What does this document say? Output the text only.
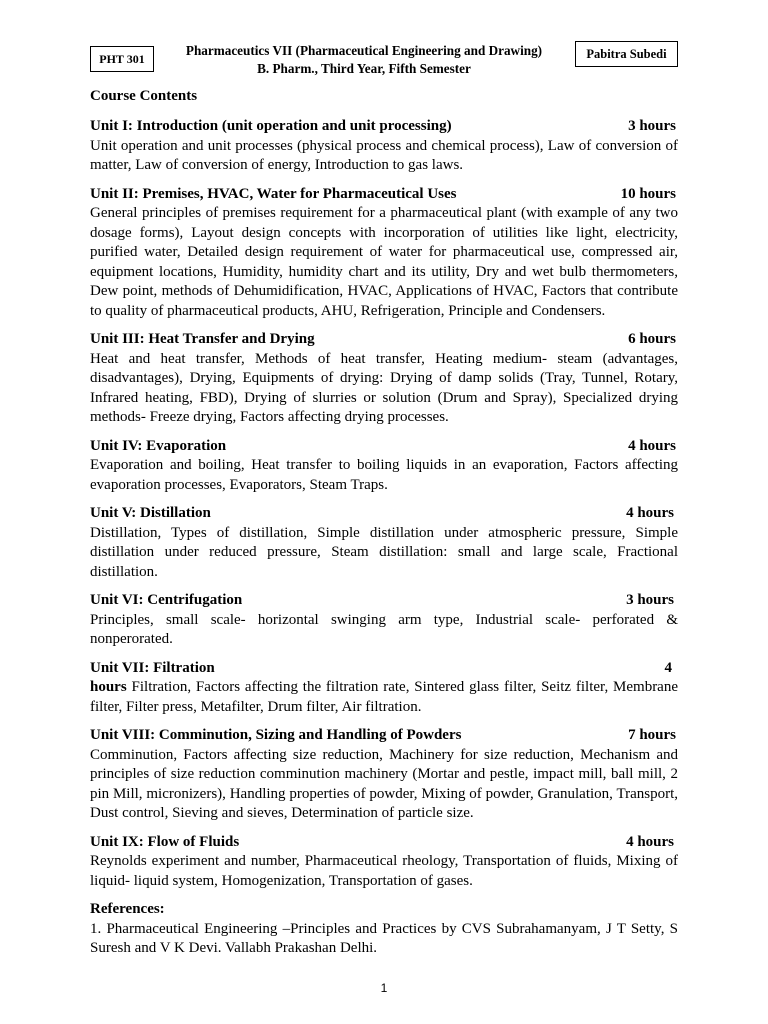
PHT 301
Pharmaceutics VII (Pharmaceutical Engineering and Drawing)
B. Pharm., Third Year, Fifth Semester
Pabitra Subedi
Course Contents
Unit I: Introduction (unit operation and unit processing)	3 hours
Unit operation and unit processes (physical process and chemical process), Law of conversion of matter, Law of conversion of energy, Introduction to gas laws.
Unit II: Premises, HVAC, Water for Pharmaceutical Uses	10 hours
General principles of premises requirement for a pharmaceutical plant (with example of any two dosage forms), Layout design concepts with incorporation of utilities like light, electricity, purified water, Detailed design requirement of water for pharmaceutical use, compressed air, equipment locations, Humidity, humidity chart and its utility, Dry and wet bulb thermometers, Dew point, methods of Dehumidification, HVAC, Applications of HVAC, Factors that contribute to quality of pharmaceutical products, AHU, Refrigeration, Principle and Condensers.
Unit III: Heat Transfer and Drying	6 hours
Heat and heat transfer, Methods of heat transfer, Heating medium- steam (advantages, disadvantages), Drying, Equipments of drying: Drying of damp solids (Tray, Tunnel, Rotary, Infrared heating, FBD), Drying of slurries or solution (Drum and Spray), Specialized drying methods- Freeze drying, Factors affecting drying processes.
Unit IV: Evaporation	4 hours
Evaporation and boiling, Heat transfer to boiling liquids in an evaporation, Factors affecting evaporation processes, Evaporators, Steam Traps.
Unit V: Distillation	4 hours
Distillation, Types of distillation, Simple distillation under atmospheric pressure, Simple distillation under reduced pressure, Steam distillation: small and large scale, Fractional distillation.
Unit VI: Centrifugation	3 hours
Principles, small scale- horizontal swinging arm type, Industrial scale- perforated & nonperorated.
Unit VII: Filtration	4
hours Filtration, Factors affecting the filtration rate, Sintered glass filter, Seitz filter, Membrane filter, Filter press, Metafilter, Drum filter, Air filtration.
Unit VIII: Comminution, Sizing and Handling of Powders	7 hours
Comminution, Factors affecting size reduction, Machinery for size reduction, Mechanism and principles of size reduction comminution machinery (Mortar and pestle, impact mill, ball mill, 2 pin Mill, micronizers), Handling properties of powder, Mixing of powder, Granulation, Transport, Dust control, Sieving and sieves, Determination of particle size.
Unit IX: Flow of Fluids	4 hours
Reynolds experiment and number, Pharmaceutical rheology, Transportation of fluids, Mixing of liquid- liquid system, Homogenization, Transportation of gases.
References:
1. Pharmaceutical Engineering –Principles and Practices by CVS Subrahamanyam, J T Setty, S Suresh and V K Devi. Vallabh Prakashan Delhi.
1
